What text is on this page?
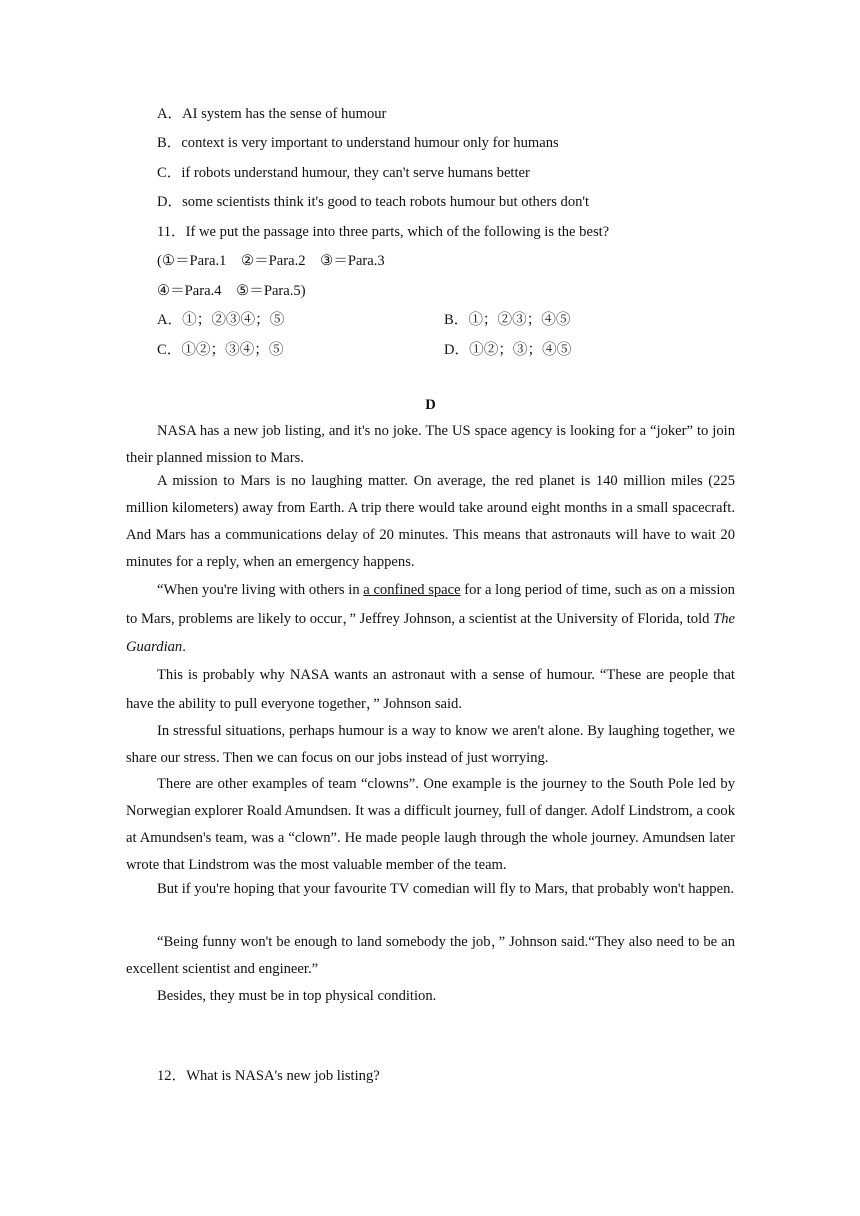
A．AI system has the sense of humour
B．context is very important to understand humour only for humans
C．if robots understand humour, they can't serve humans better
D．some scientists think it's good to teach robots humour but others don't
11．If we put the passage into three parts, which of the following is the best?
(①＝Para.1　②＝Para.2　③＝Para.3
④＝Para.4　⑤＝Para.5)
A．①；②③④；⑤	B．①；②③；④⑤
C．①②；③④；⑤	D．①②；③；④⑤
D
NASA has a new job listing, and it's no joke. The US space agency is looking for a “joker” to join their planned mission to Mars.
A mission to Mars is no laughing matter. On average, the red planet is 140 million miles (225 million kilometers) away from Earth. A trip there would take around eight months in a small spacecraft. And Mars has a communications delay of 20 minutes. This means that astronauts will have to wait 20 minutes for a reply, when an emergency happens.
“When you're living with others in a confined space for a long period of time, such as on a mission to Mars, problems are likely to occur，” Jeffrey Johnson, a scientist at the University of Florida, told The Guardian.
This is probably why NASA wants an astronaut with a sense of humour. “These are people that have the ability to pull everyone together，” Johnson said.
In stressful situations, perhaps humour is a way to know we aren't alone. By laughing together, we share our stress. Then we can focus on our jobs instead of just worrying.
There are other examples of team “clowns”. One example is the journey to the South Pole led by Norwegian explorer Roald Amundsen. It was a difficult journey, full of danger. Adolf Lindstrom, a cook at Amundsen's team, was a “clown”. He made people laugh through the whole journey. Amundsen later wrote that Lindstrom was the most valuable member of the team.
But if you're hoping that your favourite TV comedian will fly to Mars, that probably won't happen.
“Being funny won't be enough to land somebody the job，” Johnson said.“They also need to be an excellent scientist and engineer.”
Besides, they must be in top physical condition.
12．What is NASA's new job listing?
